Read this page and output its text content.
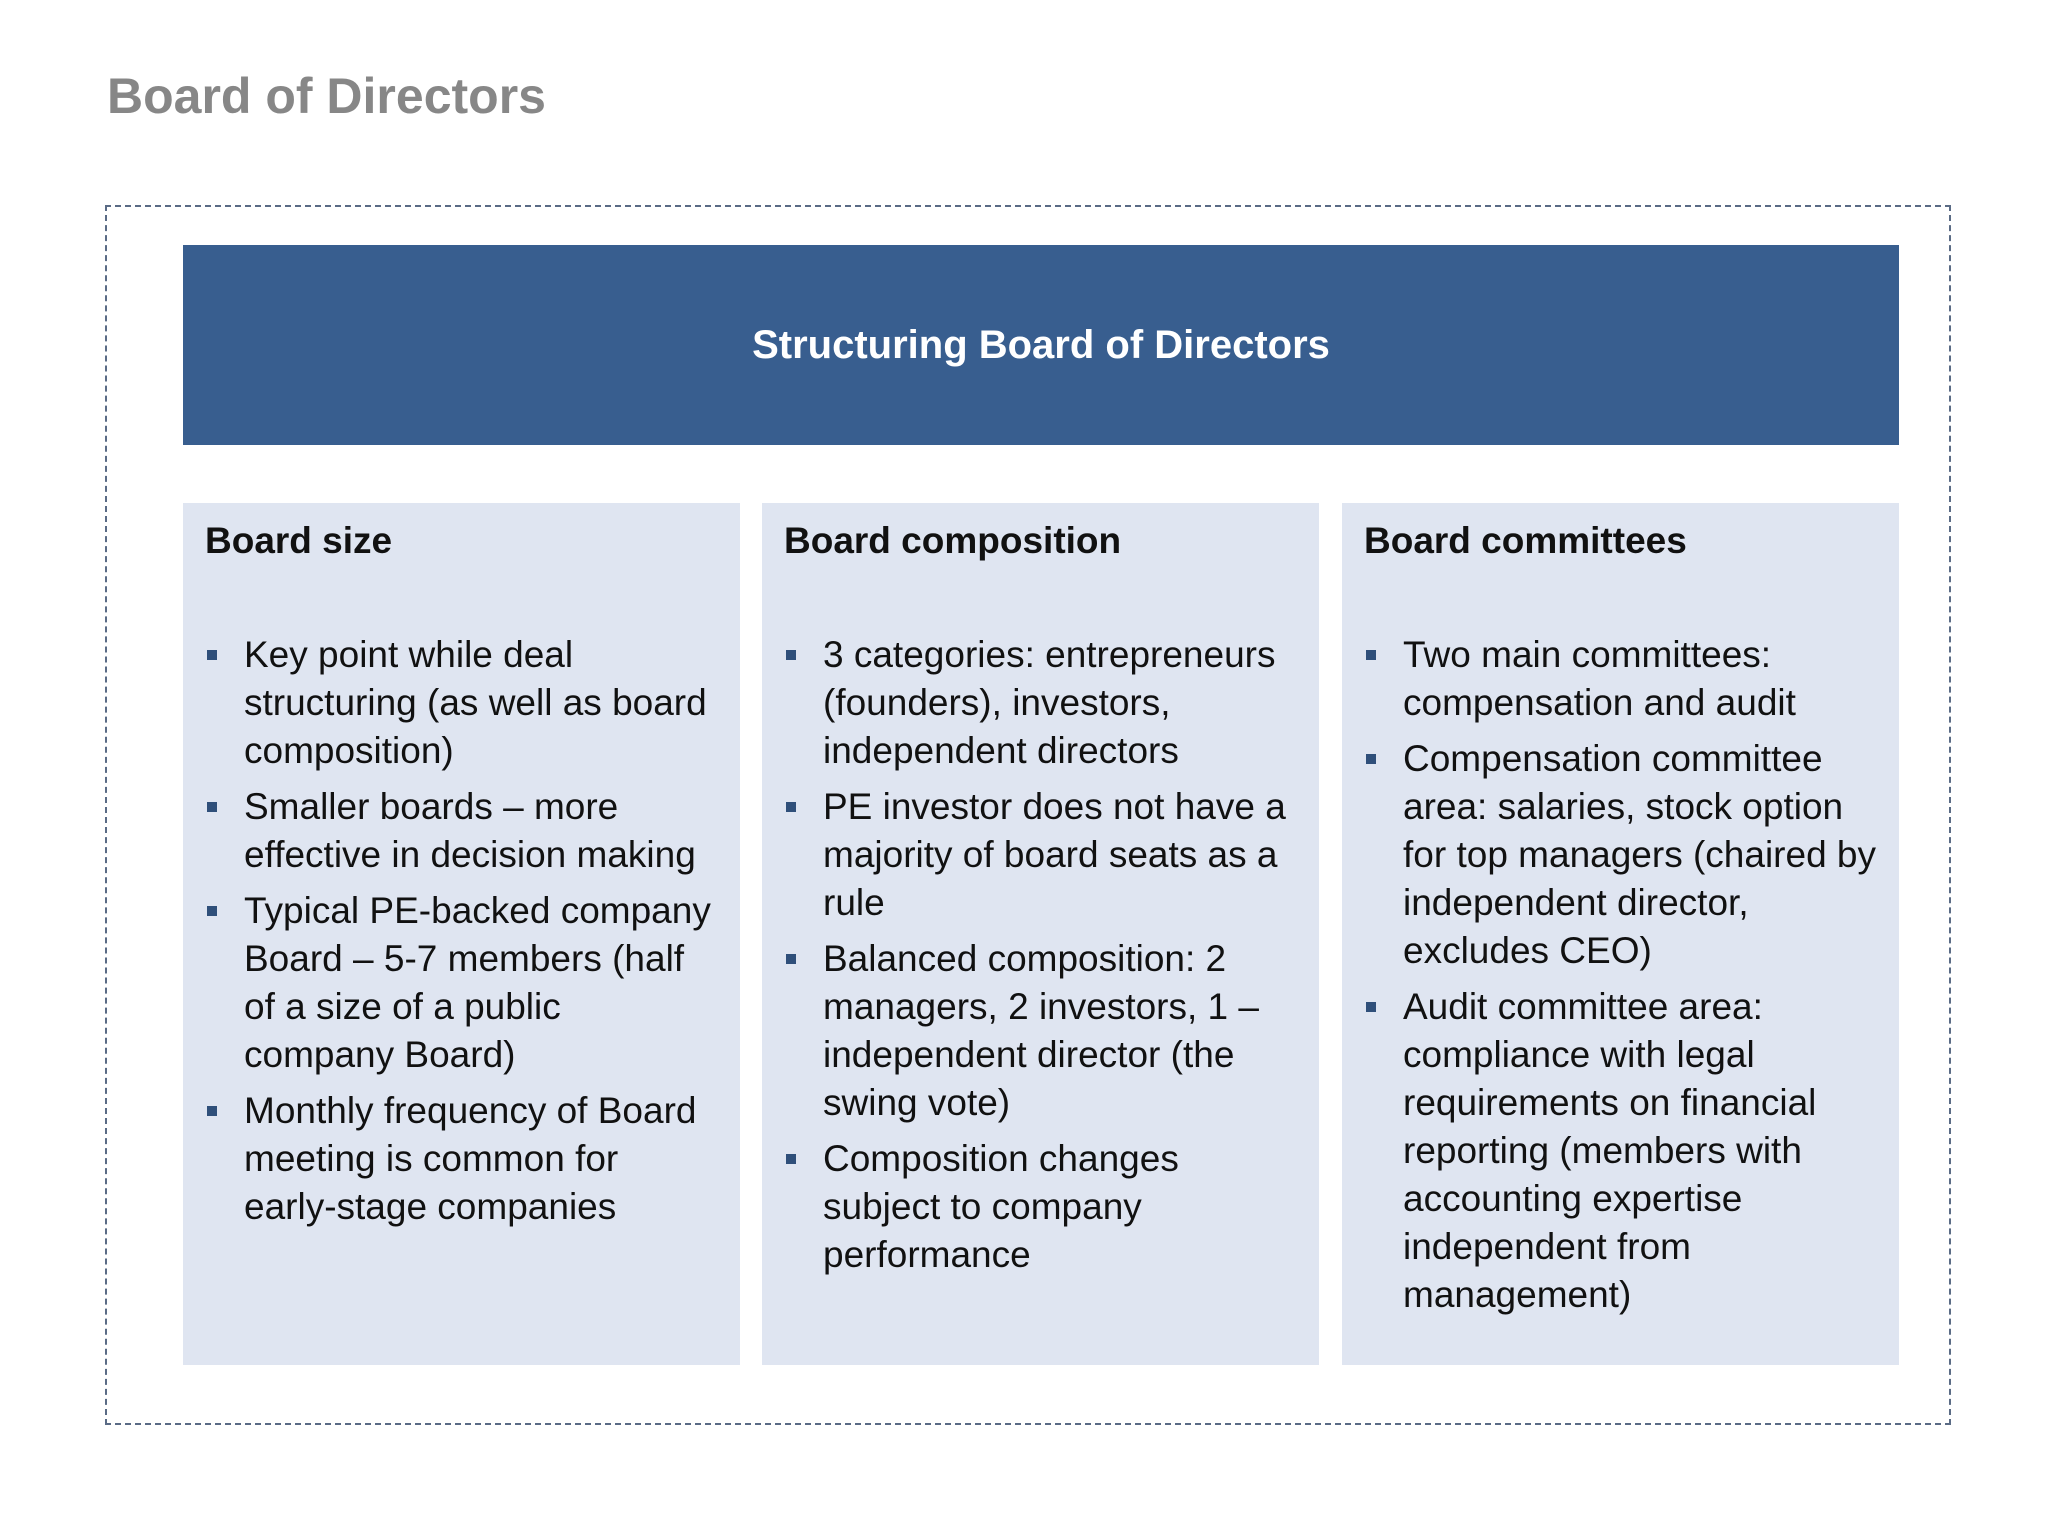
Board of Directors
Structuring Board of Directors
Board size
Key point while deal structuring (as well as board composition)
Smaller boards – more effective in decision making
Typical PE-backed company Board – 5-7 members (half of a size of a public company Board)
Monthly frequency of Board meeting is common for early-stage companies
Board composition
3 categories: entrepreneurs (founders), investors, independent directors
PE investor does not have a majority of board seats as a rule
Balanced composition: 2 managers, 2 investors, 1 – independent director (the swing vote)
Composition changes subject to company performance
Board committees
Two main committees: compensation and audit
Compensation committee area: salaries, stock option for top managers (chaired by independent director, excludes CEO)
Audit committee area: compliance with legal requirements on financial reporting (members with accounting expertise independent from management)
